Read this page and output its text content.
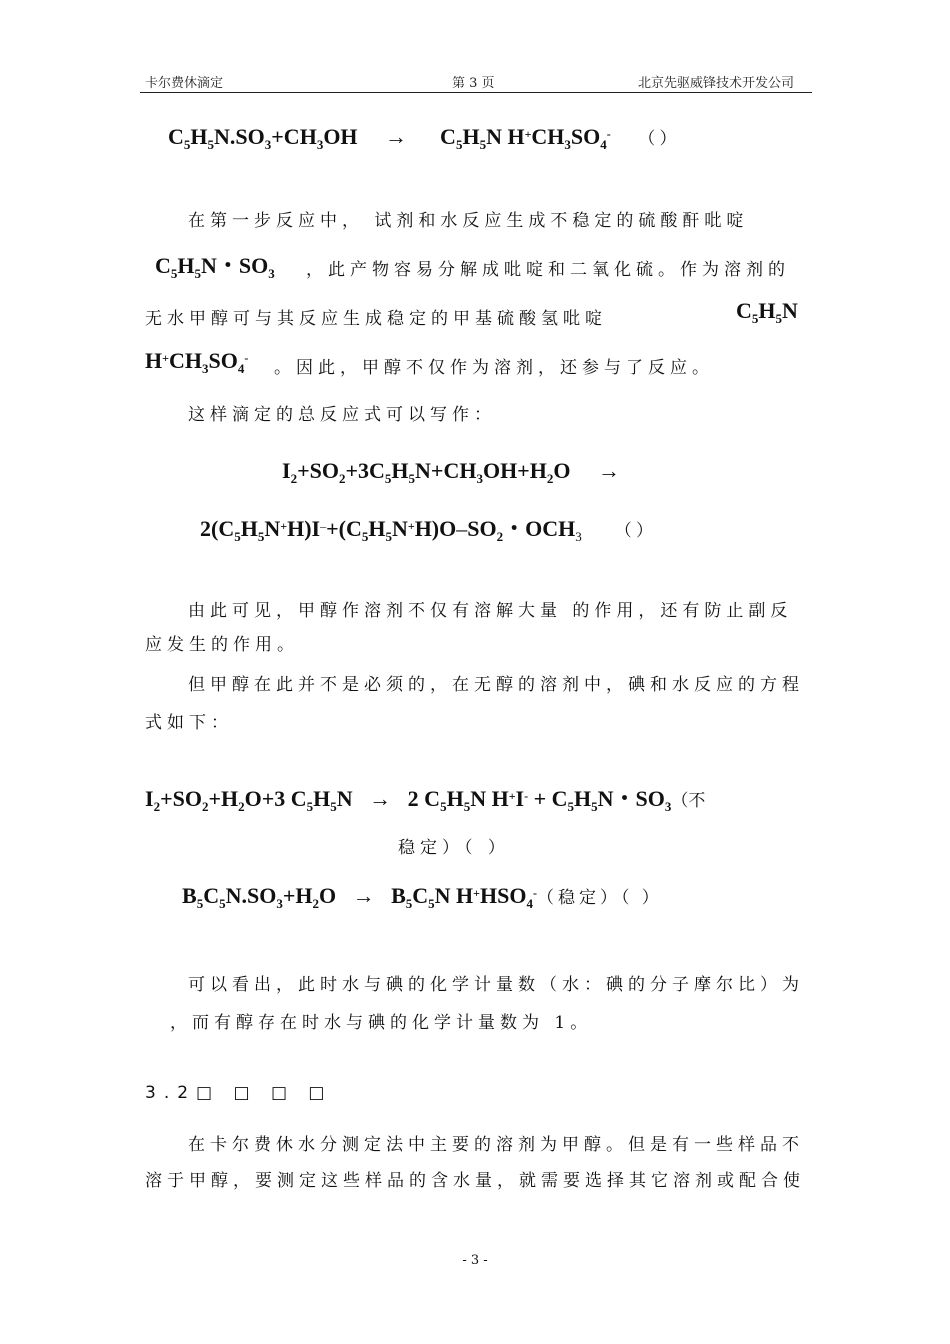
卡尔费休滴定	第 3 页	北京先驱威锋技术开发公司
$C_5H_5N.SO_3+CH_3OH$     →      $C_5H_5N$ $H^+CH_3SO_4^-$ （ ）
在第一步反应中， 试剂和水反应生成不稳定的硫酸酐吡啶
$C_5H_5N$・$SO_3$ ，此产物容易分解成吡啶和二氧化硫。作为溶剂的
无水甲醇可与其反应生成稳定的甲基硫酸氢吡啶	$C_5H_5N$
$H^+CH_3SO_4^-$ 。因此，甲醇不仅作为溶剂，还参与了反应。
这样滴定的总反应式可以写作：
$I_2+SO_2+3C_5H_5N+CH_3OH+H_2O$     →
$2(C_5H_5N^+H)I^-+(C_5H_5N^+H)O-SO_2$・$OCH_3$ （ ）
由此可见，甲醇作溶剂不仅有溶解大量 的作用，还有防止副反
应发生的作用。
但甲醇在此并不是必须的，在无醇的溶剂中，碘和水反应的方程
式如下：
$I_2+SO_2+H_2O+3$ $C_5H_5N \to 2$ $C_5H_5N$ $H^+I^- + C_5H_5N$・$SO_3$（不
稳定）（ ）
$B_5C_5N.SO_3+H_2O \to B_5C_5N$ $H^+HSO_4^-$（稳定）（ ）
可以看出，此时水与碘的化学计量数（水：碘的分子摩尔比）为
，而有醇存在时水与碘的化学计量数为 1。
3.2□ □ □ □
在卡尔费休水分测定法中主要的溶剂为甲醇。但是有一些样品不
溶于甲醇，要测定这些样品的含水量，就需要选择其它溶剂或配合使
- 3 -
